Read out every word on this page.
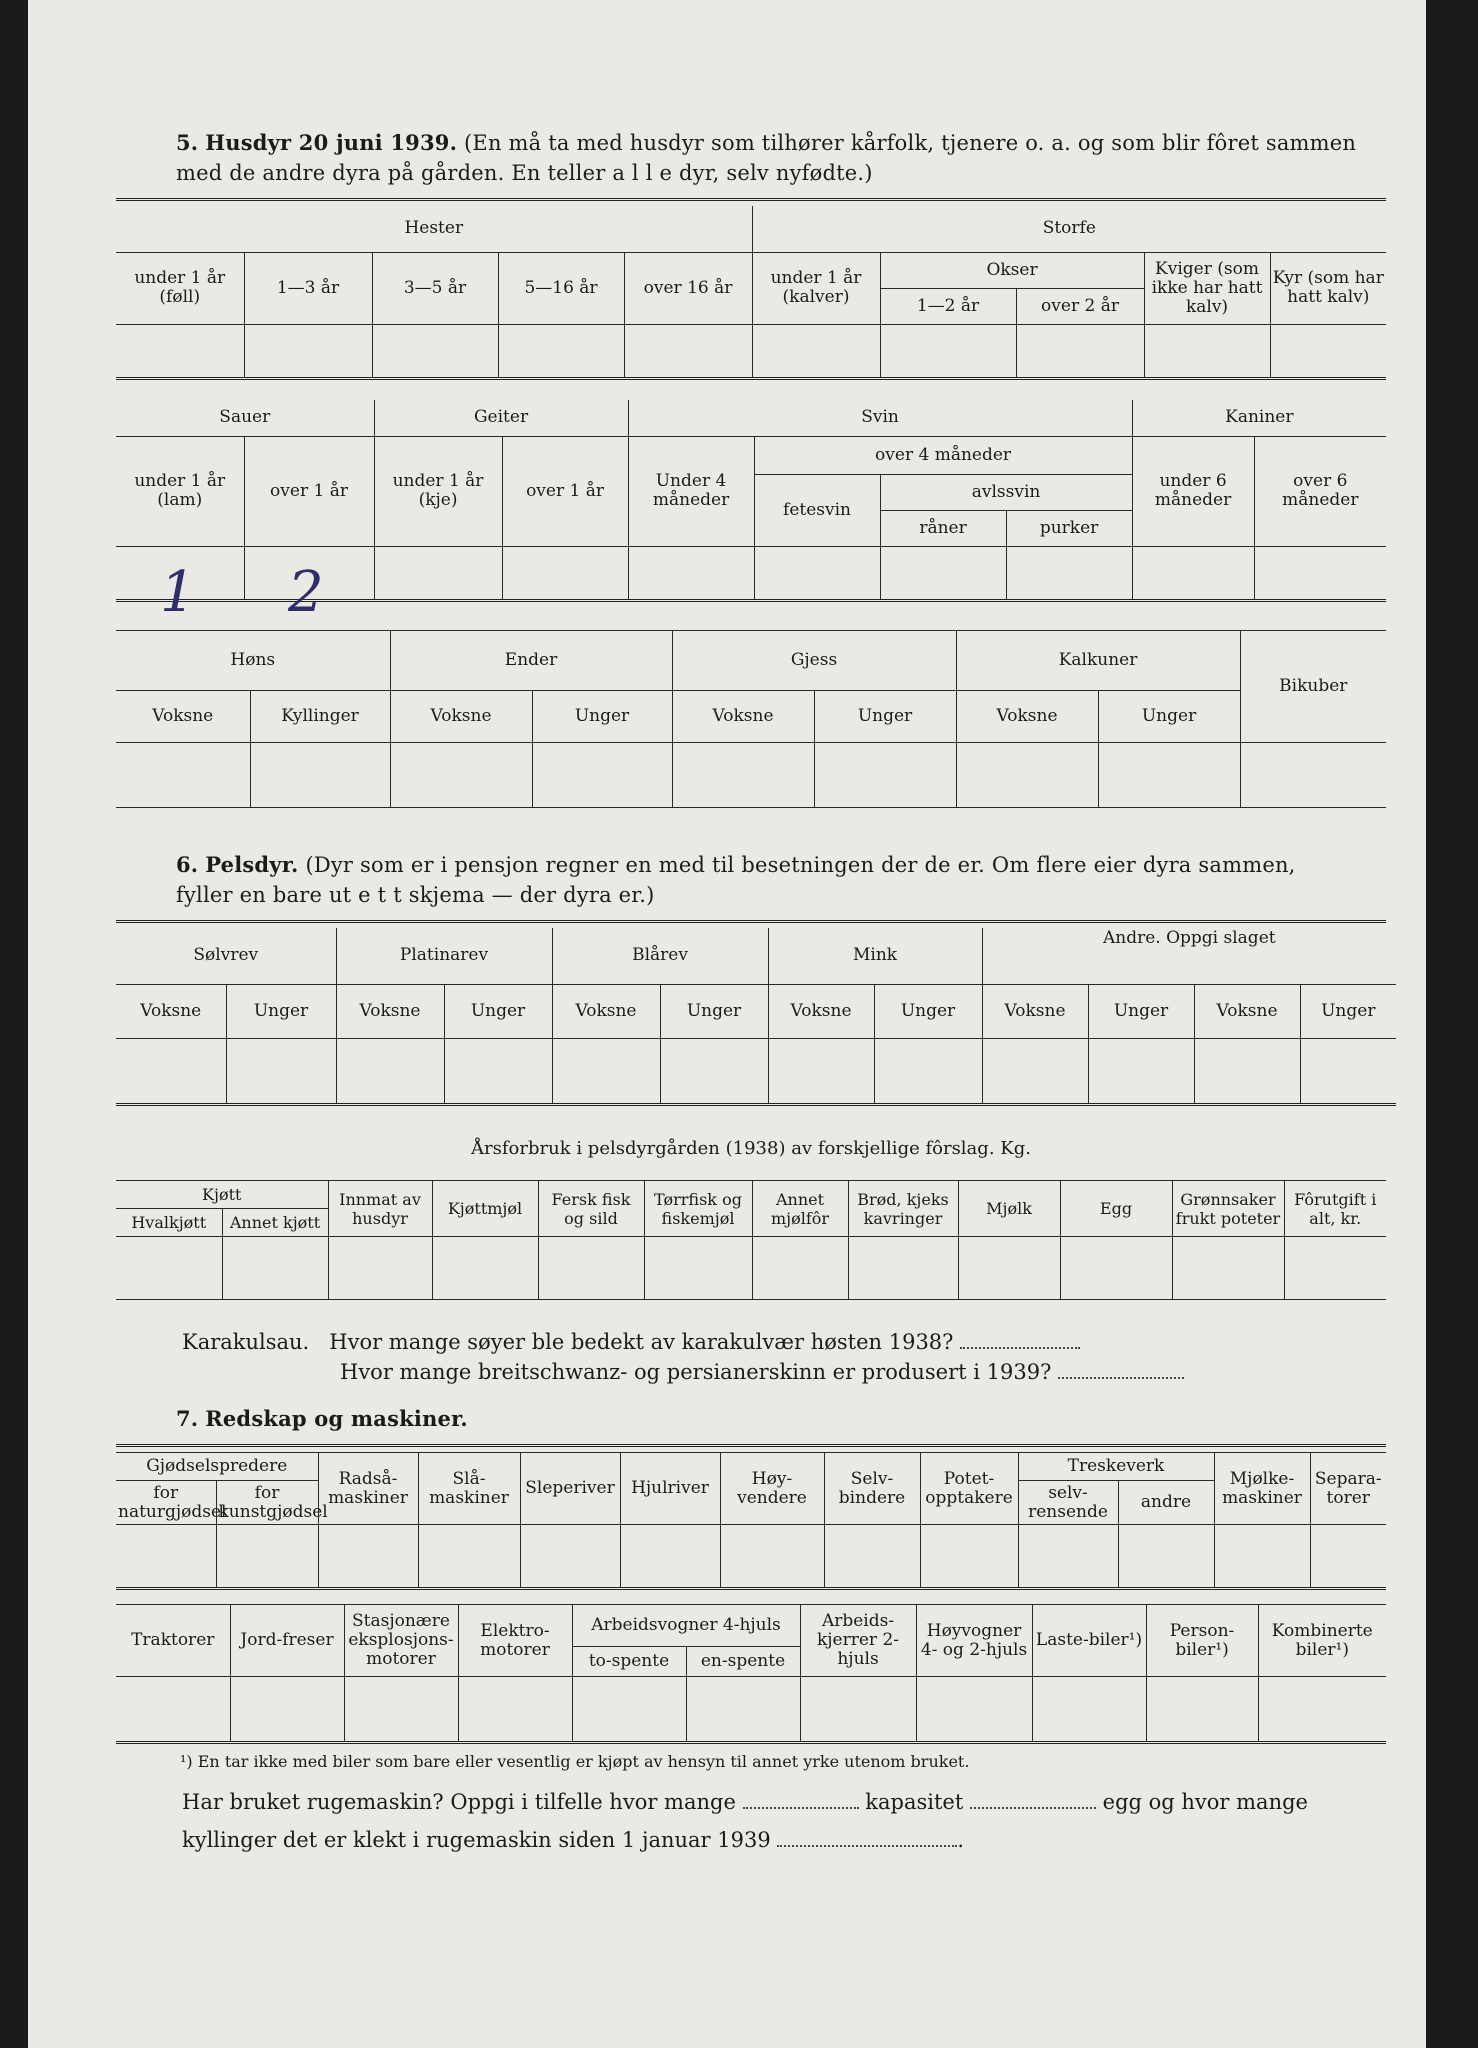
5. Husdyr 20 juni 1939. (En må ta med husdyr som tilhører kårfolk, tjenere o. a. og som blir fôret sammen
med de andre dyra på gården. En teller a l l e dyr, selv nyfødte.)
Hester					Storfe				
under 1 år (føll)	1—3 år	3—5 år	5—16 år	over 16 år	under 1 år (kalver)	Okser		Kviger (som ikke har hatt kalv)	Kyr (som har hatt kalv)
						1—2 år	over 2 år		

Sauer		Geiter		Svin				Kaniner	
under 1 år (lam)	over 1 år	under 1 år (kje)	over 1 år	Under 4 måneder	over 4 måneder			under 6 måneder	over 6 måneder
					fetesvin	avlssvin			
						råner	purker		

1 2
Høns		Ender		Gjess		Kalkuner		Bikuber
Voksne	Kyllinger	Voksne	Unger	Voksne	Unger	Voksne	Unger	

6. Pelsdyr. (Dyr som er i pensjon regner en med til besetningen der de er. Om flere eier dyra sammen,
fyller en bare ut e t t skjema — der dyra er.)
Sølvrev		Platinarev		Blårev		Mink		Andre. Oppgi slaget			
Voksne	Unger	Voksne	Unger	Voksne	Unger	Voksne	Unger	Voksne	Unger	Voksne	Unger

Årsforbruk i pelsdyrgården (1938) av forskjellige fôrslag. Kg.
Kjøtt		Innmat av husdyr	Kjøttmjøl	Fersk fisk og sild	Tørrfisk og fiskemjøl	Annet mjølfôr	Brød, kjeks kavringer	Mjølk	Egg	Grønnsaker frukt poteter	Fôrutgift i alt, kr.
Hvalkjøtt	Annet kjøtt										

Karakulsau. Hvor mange søyer ble bedekt av karakulvær høsten 1938?
Hvor mange breitschwanz- og persianerskinn er produsert i 1939?
7. Redskap og maskiner.
Gjødselspredere		Radså-maskiner	Slå-maskiner	Sleperiver	Hjulriver	Høy-vendere	Selv-bindere	Potet-opptakere	Treskeverk		Mjølke-maskiner	Separa-torer
for naturgjødsel	for kunstgjødsel								selv-rensende	andre		

Traktorer	Jord-freser	Stasjonære eksplosjons-motorer	Elektro-motorer	Arbeidsvogner 4-hjuls		Arbeids-kjerrer 2-hjuls	Høyvogner 4- og 2-hjuls	Laste-biler¹)	Person-biler¹)	Kombinerte biler¹)
				to-spente	en-spente					

¹) En tar ikke med biler som bare eller vesentlig er kjøpt av hensyn til annet yrke utenom bruket.
Har bruket rugemaskin? Oppgi i tilfelle hvor mange	kapasitet	egg og hvor mange
kyllinger det er klekt i rugemaskin siden 1 januar 1939	.
